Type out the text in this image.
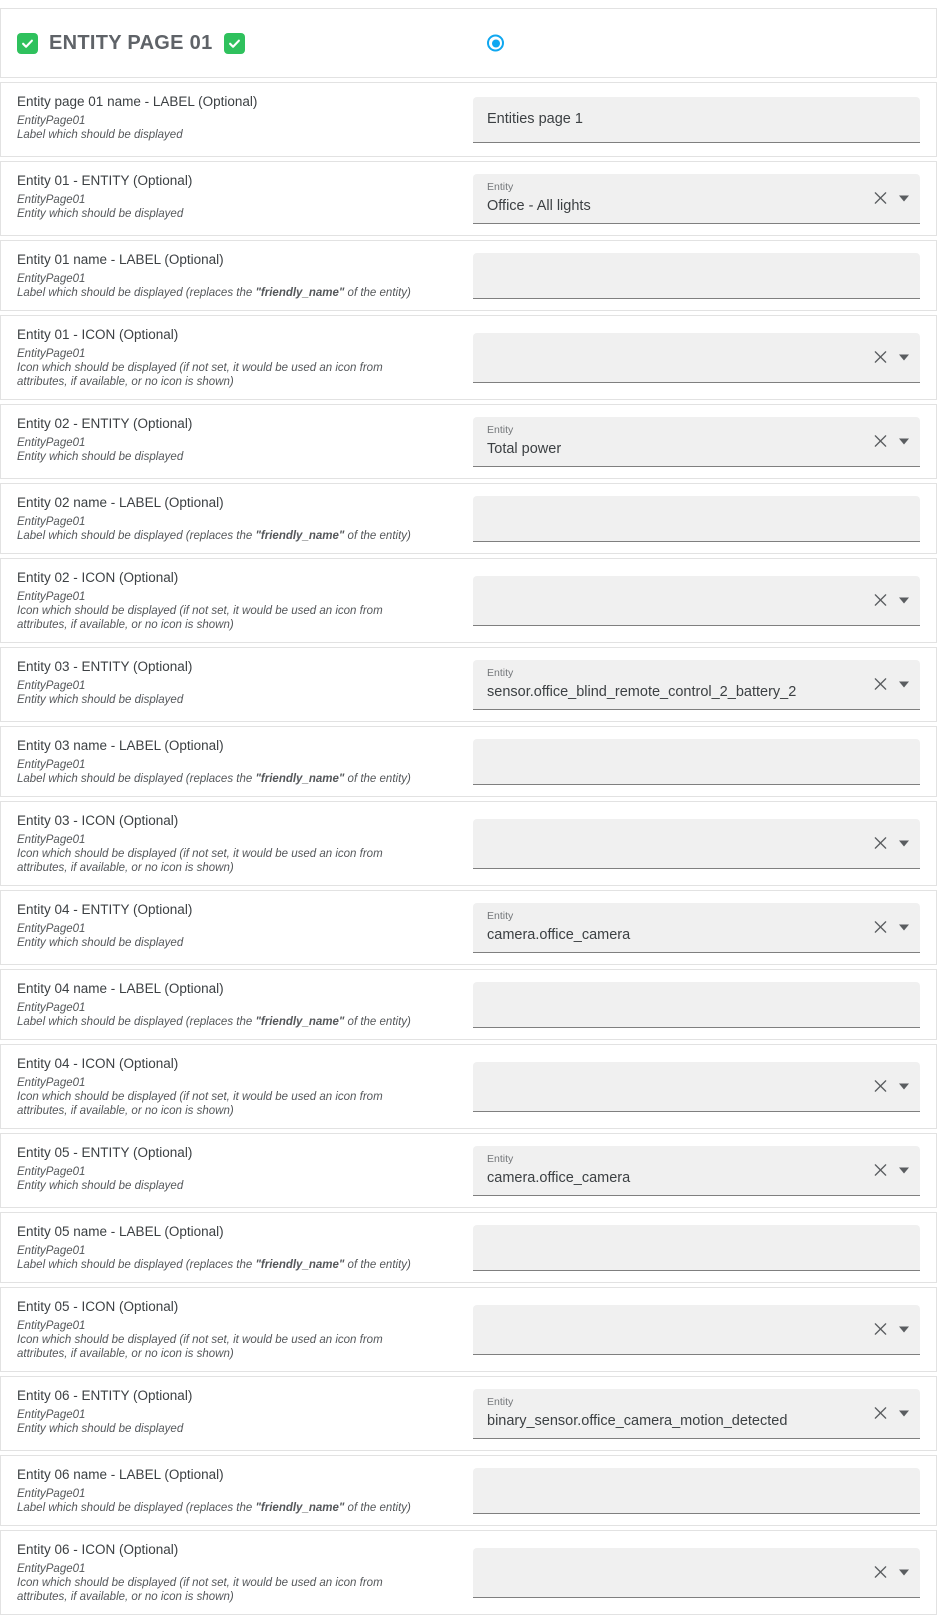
ENTITY PAGE 01
Entity page 01 name - LABEL (Optional)
EntityPage01
Label which should be displayed
Entities page 1
Entity 01 - ENTITY (Optional)
EntityPage01
Entity which should be displayed
Entity
Office - All lights
Entity 01 name - LABEL (Optional)
EntityPage01
Label which should be displayed (replaces the "friendly_name" of the entity)
Entity 01 - ICON (Optional)
EntityPage01
Icon which should be displayed (if not set, it would be used an icon from attributes, if available, or no icon is shown)
Entity 02 - ENTITY (Optional)
EntityPage01
Entity which should be displayed
Entity
Total power
Entity 02 name - LABEL (Optional)
EntityPage01
Label which should be displayed (replaces the "friendly_name" of the entity)
Entity 02 - ICON (Optional)
EntityPage01
Icon which should be displayed (if not set, it would be used an icon from attributes, if available, or no icon is shown)
Entity 03 - ENTITY (Optional)
EntityPage01
Entity which should be displayed
Entity
sensor.office_blind_remote_control_2_battery_2
Entity 03 name - LABEL (Optional)
EntityPage01
Label which should be displayed (replaces the "friendly_name" of the entity)
Entity 03 - ICON (Optional)
EntityPage01
Icon which should be displayed (if not set, it would be used an icon from attributes, if available, or no icon is shown)
Entity 04 - ENTITY (Optional)
EntityPage01
Entity which should be displayed
Entity
camera.office_camera
Entity 04 name - LABEL (Optional)
EntityPage01
Label which should be displayed (replaces the "friendly_name" of the entity)
Entity 04 - ICON (Optional)
EntityPage01
Icon which should be displayed (if not set, it would be used an icon from attributes, if available, or no icon is shown)
Entity 05 - ENTITY (Optional)
EntityPage01
Entity which should be displayed
Entity
camera.office_camera
Entity 05 name - LABEL (Optional)
EntityPage01
Label which should be displayed (replaces the "friendly_name" of the entity)
Entity 05 - ICON (Optional)
EntityPage01
Icon which should be displayed (if not set, it would be used an icon from attributes, if available, or no icon is shown)
Entity 06 - ENTITY (Optional)
EntityPage01
Entity which should be displayed
Entity
binary_sensor.office_camera_motion_detected
Entity 06 name - LABEL (Optional)
EntityPage01
Label which should be displayed (replaces the "friendly_name" of the entity)
Entity 06 - ICON (Optional)
EntityPage01
Icon which should be displayed (if not set, it would be used an icon from attributes, if available, or no icon is shown)
